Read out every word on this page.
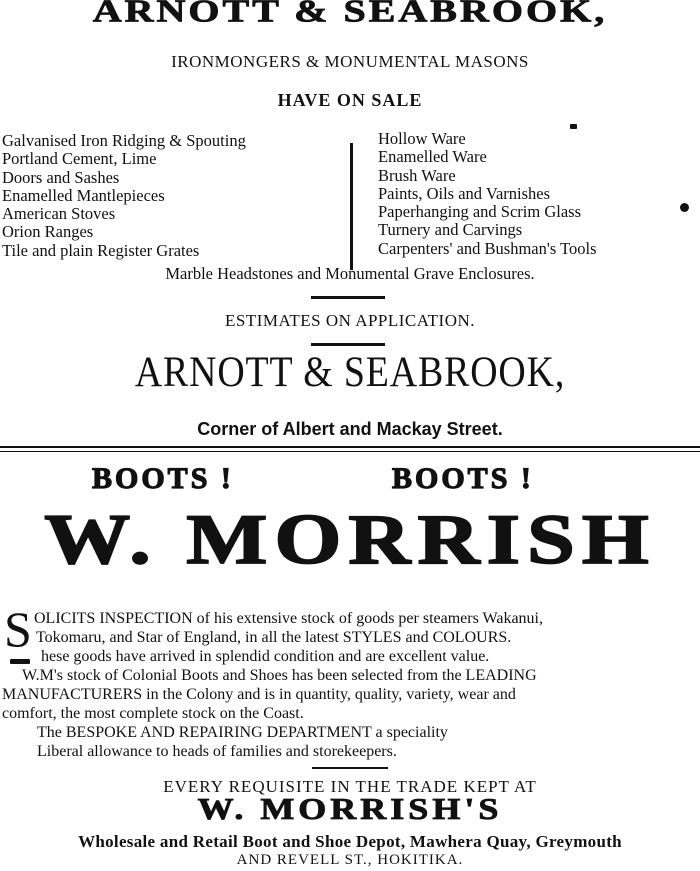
ARNOTT & SEABROOK,
IRONMONGERS & MONUMENTAL MASONS
HAVE ON SALE
Galvanised Iron Ridging & Spouting
Portland Cement, Lime
Doors and Sashes
Enamelled Mantlepieces
American Stoves
Orion Ranges
Tile and plain Register Grates
Hollow Ware
Enamelled Ware
Brush Ware
Paints, Oils and Varnishes
Paperhanging and Scrim Glass
Turnery and Carvings
Carpenters' and Bushman's Tools
Marble Headstones and Monumental Grave Enclosures.
ESTIMATES ON APPLICATION.
ARNOTT & SEABROOK,
Corner of Albert and Mackay Street.
BOOTS !	BOOTS !
W. MORRISH
S OLICITS INSPECTION of his extensive stock of goods per steamers Wakanui,
Tokomaru, and Star of England, in all the latest STYLES and COLOURS.
hese goods have arrived in splendid condition and are excellent value.
W.M's stock of Colonial Boots and Shoes has been selected from the LEADING
MANUFACTURERS in the Colony and is in quantity, quality, variety, wear and
comfort, the most complete stock on the Coast.
The BESPOKE AND REPAIRING DEPARTMENT a speciality
Liberal allowance to heads of families and storekeepers.
EVERY REQUISITE IN THE TRADE KEPT AT
W. MORRISH'S
Wholesale and Retail Boot and Shoe Depot, Mawhera Quay, Greymouth
AND REVELL ST., HOKITIKA.
